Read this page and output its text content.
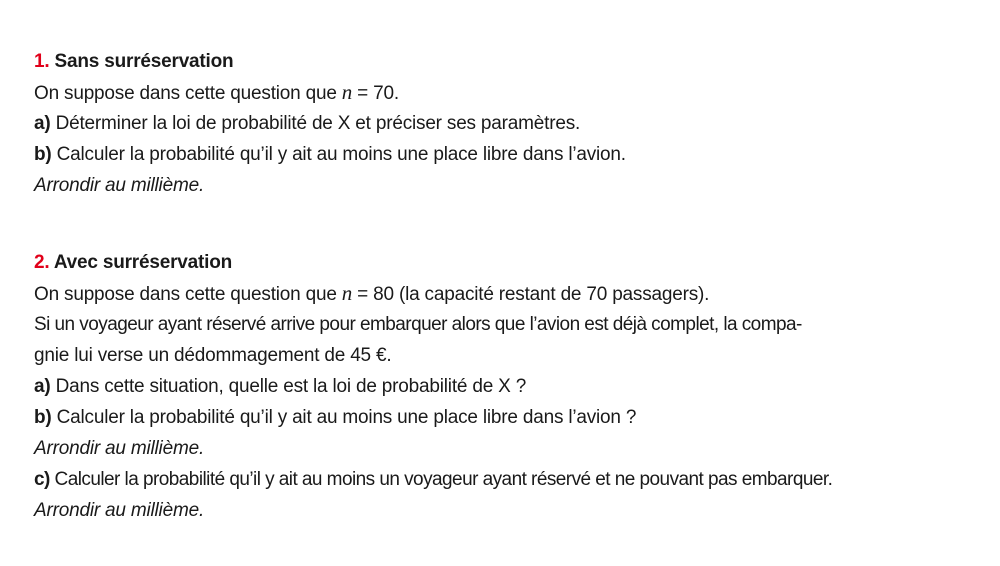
1. Sans surréservation
On suppose dans cette question que n = 70.
a) Déterminer la loi de probabilité de X et préciser ses paramètres.
b) Calculer la probabilité qu’il y ait au moins une place libre dans l’avion.
Arrondir au millième.
2. Avec surréservation
On suppose dans cette question que n = 80 (la capacité restant de 70 passagers).
Si un voyageur ayant réservé arrive pour embarquer alors que l’avion est déjà complet, la compa-
gnie lui verse un dédommagement de 45 €.
a) Dans cette situation, quelle est la loi de probabilité de X ?
b) Calculer la probabilité qu’il y ait au moins une place libre dans l’avion ?
Arrondir au millième.
c) Calculer la probabilité qu’il y ait au moins un voyageur ayant réservé et ne pouvant pas embarquer.
Arrondir au millième.
